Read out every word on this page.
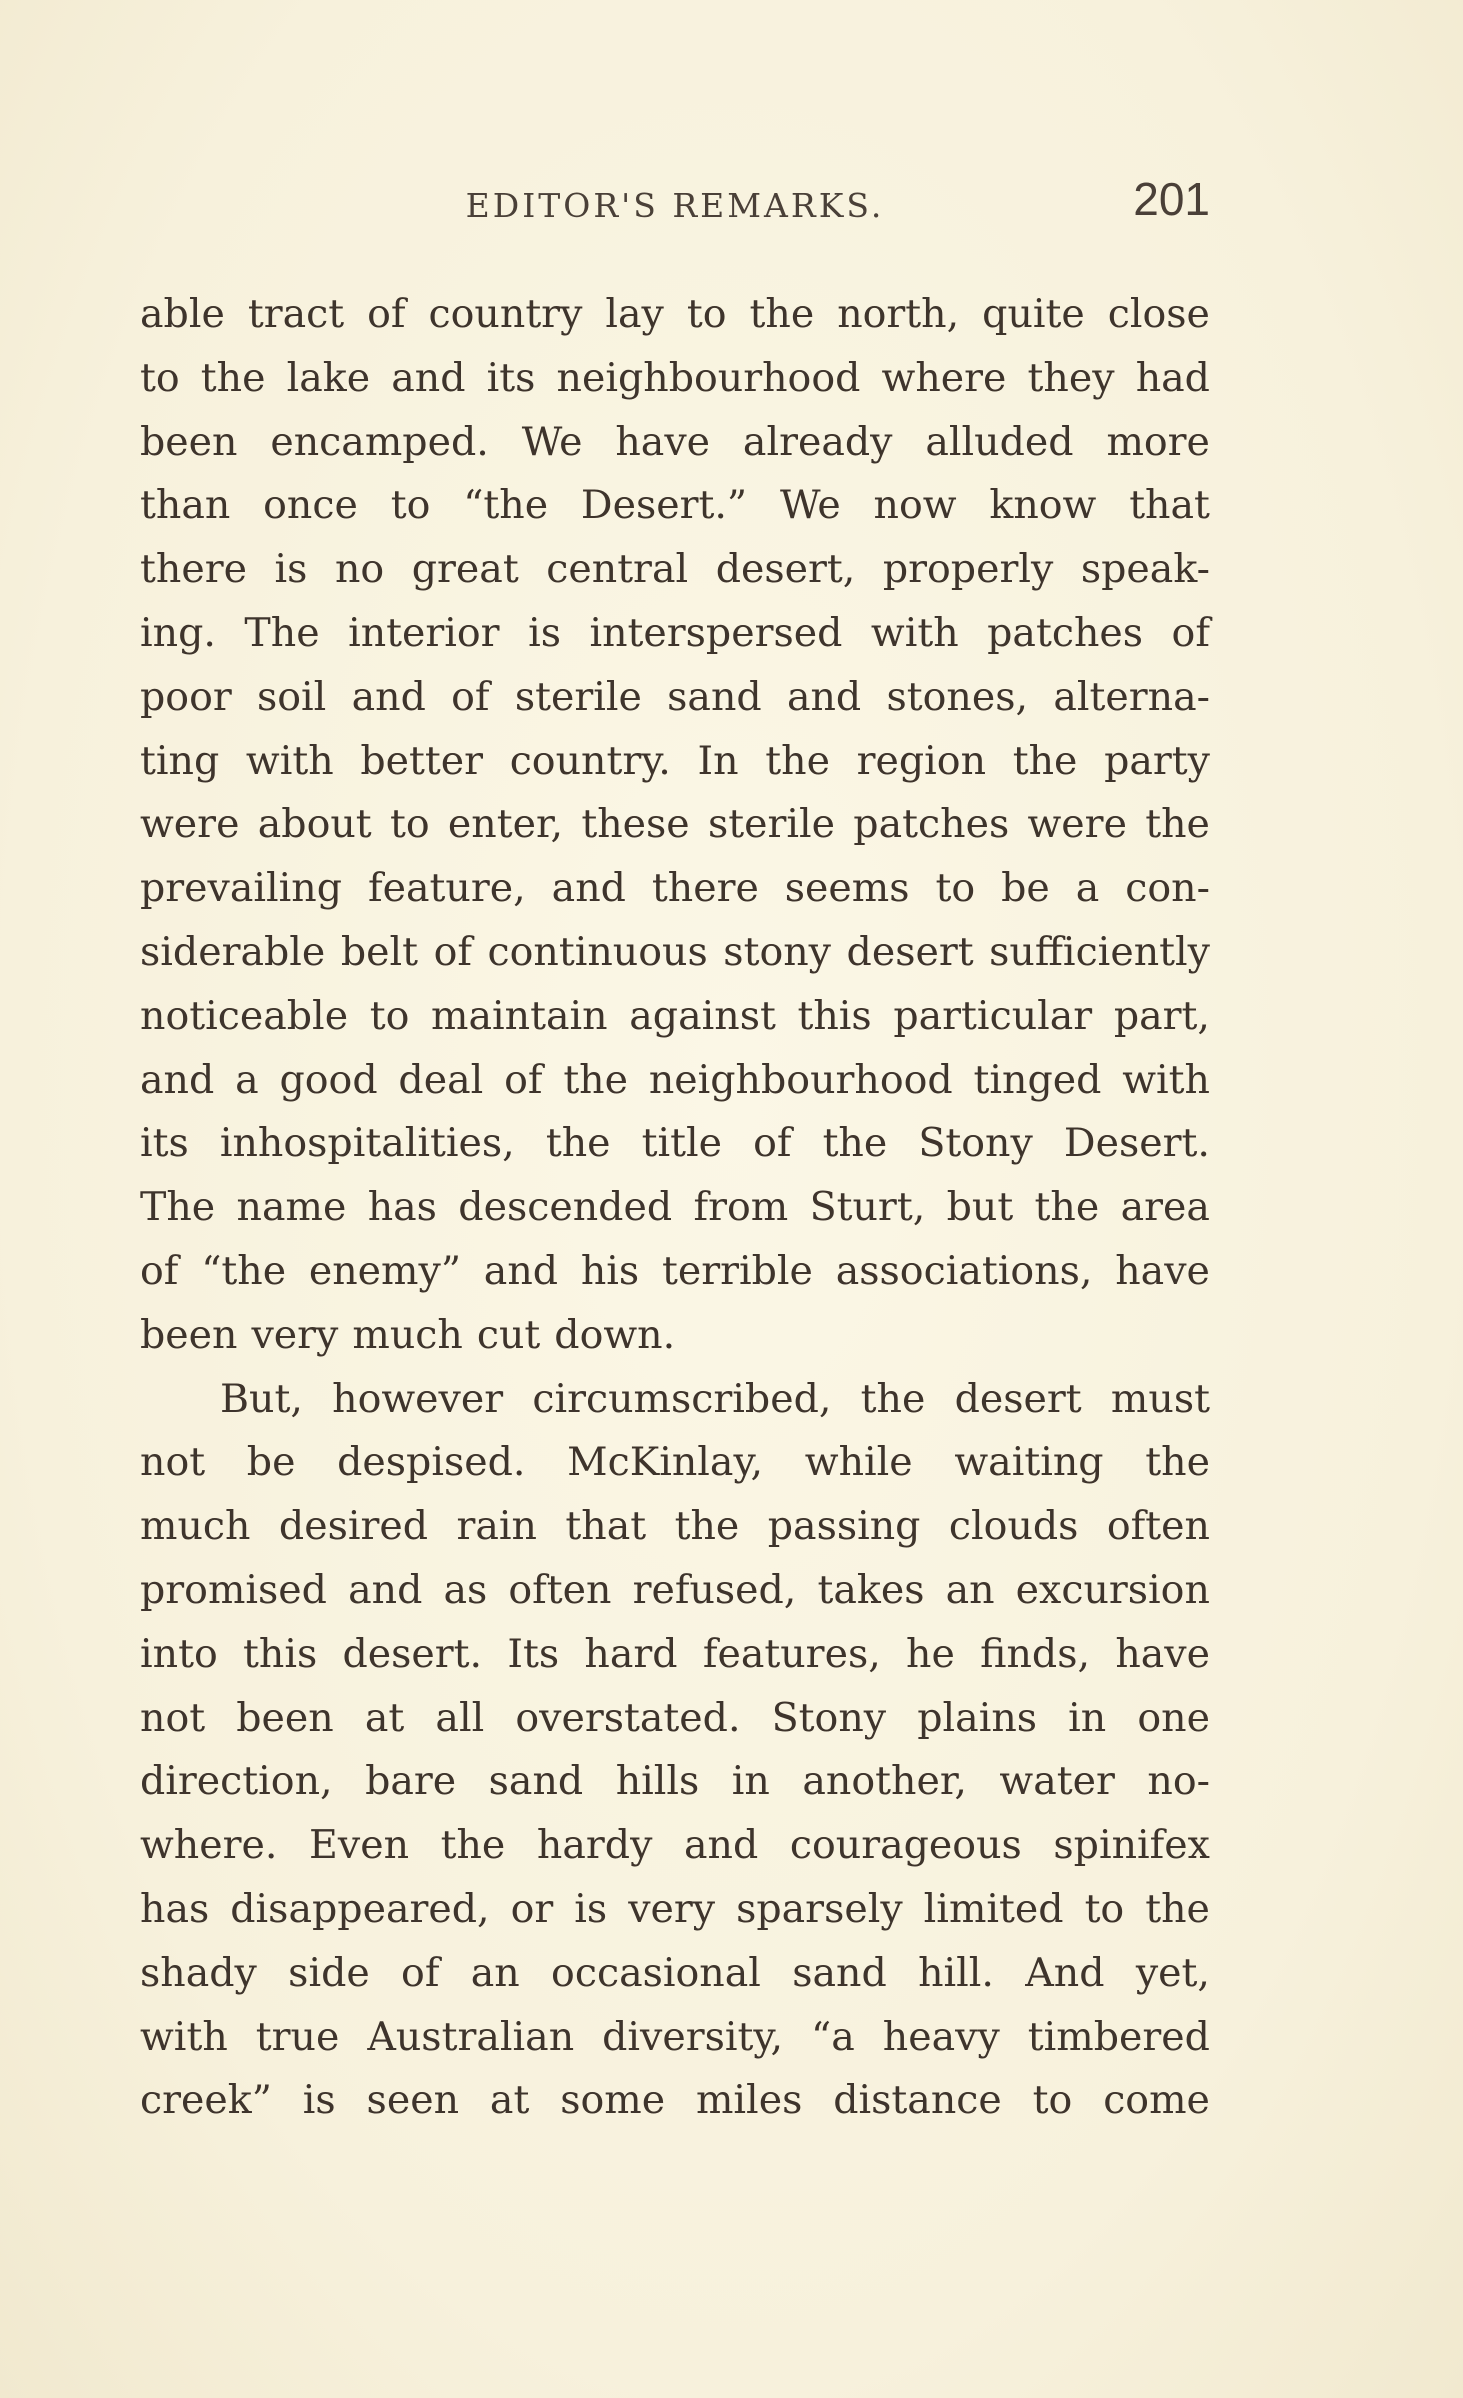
EDITOR'S REMARKS.	201
able tract of country lay to the north, quite close
to the lake and its neighbourhood where they had
been encamped. We have already alluded more
than once to “the Desert.” We now know that
there is no great central desert, properly speak-
ing. The interior is interspersed with patches of
poor soil and of sterile sand and stones, alterna-
ting with better country. In the region the party
were about to enter, these sterile patches were the
prevailing feature, and there seems to be a con-
siderable belt of continuous stony desert sufficiently
noticeable to maintain against this particular part,
and a good deal of the neighbourhood tinged with
its inhospitalities, the title of the Stony Desert.
The name has descended from Sturt, but the area
of “the enemy” and his terrible associations, have
been very much cut down.
But, however circumscribed, the desert must
not be despised. McKinlay, while waiting the
much desired rain that the passing clouds often
promised and as often refused, takes an excursion
into this desert. Its hard features, he finds, have
not been at all overstated. Stony plains in one
direction, bare sand hills in another, water no-
where. Even the hardy and courageous spinifex
has disappeared, or is very sparsely limited to the
shady side of an occasional sand hill. And yet,
with true Australian diversity, “a heavy timbered
creek” is seen at some miles distance to come
